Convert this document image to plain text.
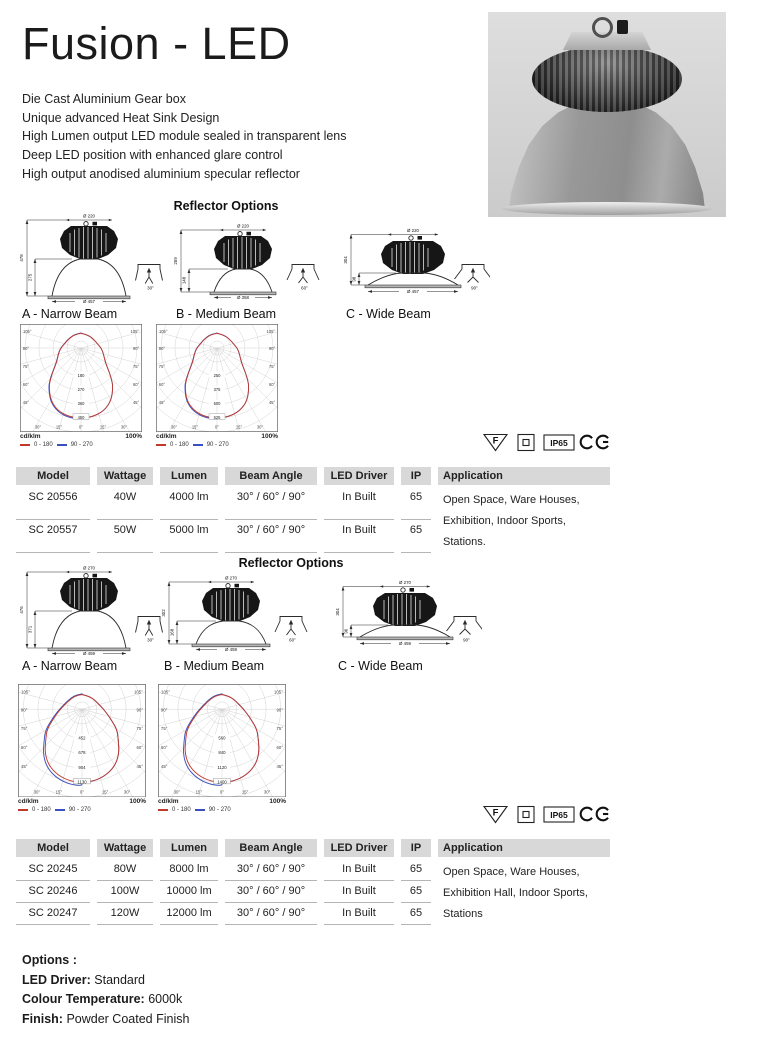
Fusion - LED
Die Cast Aluminium Gear box
Unique advanced Heat Sink Design
High Lumen output LED module sealed in transparent lens
Deep LED position with enhanced glare control
High output anodised aluminium specular reflector
Reflector Options
Ø 220
478
275
Ø 457
30°
A - Narrow Beam
Ø 220
259
148
Ø 358
60°
B - Medium Beam
Ø 220
304
98
Ø 457
90°
C - Wide Beam
180
270
360
450
105°	105°
90°	90°
75°	75°
60°	60°
45°	45°
30°	15°	0°	15°	30°
cd/klm	100%
0 - 180	90 - 270
250
375
500
625
105°	105°
90°	90°
75°	75°
60°	60°
45°	45°
30°	15°	0°	15°	30°
cd/klm	100%
0 - 180	90 - 270	F	IP65
Model	Wattage	Lumen	Beam Angle	LED Driver	IP	Application
Open Space, Ware Houses, Exhibition, Indoor Sports, Stations.
SC 20556	40W	4000 lm	30° / 60° / 90°	In Built	65
SC 20557	50W	5000 lm	30° / 60° / 90°	In Built	65
Reflector Options
Ø 270
476
371
Ø 459
30°
A - Narrow Beam
Ø 270
302
168
Ø 459
60°
B - Medium Beam
Ø 270
304
96
Ø 459
90°
C - Wide Beam
452
678
904
1130
105°	105°
90°	90°
75°	75°
60°	60°
45°	45°
30°	15°	0°	15°	30°
cd/klm	100%
0 - 180	90 - 270
560
840
1120
1400
105°	105°
90°	90°
75°	75°
60°	60°
45°	45°
30°	15°	0°	15°	30°
cd/klm	100%
0 - 180	90 - 270	F	IP65
Model	Wattage	Lumen	Beam Angle	LED Driver	IP	Application
Open Space, Ware Houses, Exhibition Hall, Indoor Sports, Stations
SC 20245	80W	8000 lm	30° / 60° / 90°	In Built	65
SC 20246	100W	10000 lm	30° / 60° / 90°	In Built	65
SC 20247	120W	12000 lm	30° / 60° / 90°	In Built	65
Options :
LED Driver: Standard
Colour Temperature: 6000k
Finish: Powder Coated Finish
